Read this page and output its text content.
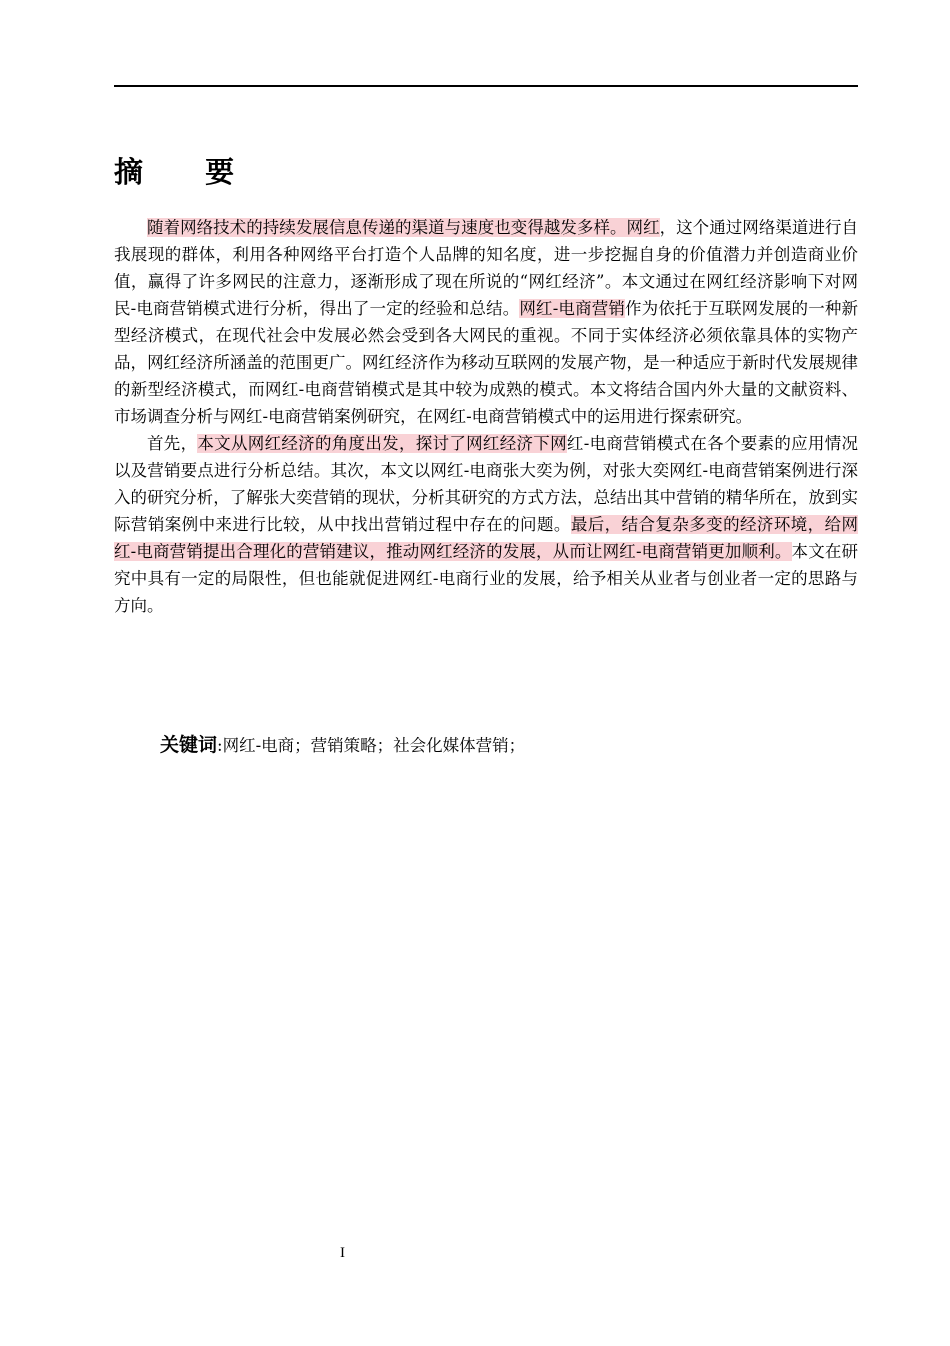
摘 要

随着网络技术的持续发展信息传递的渠道与速度也变得越发多样。网红，这个通过网络渠道进行自我展现的群体，利用各种网络平台打造个人品牌的知名度，进一步挖掘自身的价值潜力并创造商业价值，赢得了许多网民的注意力，逐渐形成了现在所说的“网红经济”。本文通过在网红经济影响下对网民-电商营销模式进行分析，得出了一定的经验和总结。网红-电商营销作为依托于互联网发展的一种新型经济模式，在现代社会中发展必然会受到各大网民的重视。不同于实体经济必须依靠具体的实物产品，网红经济所涵盖的范围更广。网红经济作为移动互联网的发展产物，是一种适应于新时代发展规律的新型经济模式，而网红-电商营销模式是其中较为成熟的模式。本文将结合国内外大量的文献资料、市场调查分析与网红-电商营销案例研究，在网红-电商营销模式中的运用进行探索研究。

首先，本文从网红经济的角度出发，探讨了网红经济下网红-电商营销模式在各个要素的应用情况以及营销要点进行分析总结。其次，本文以网红-电商张大奕为例，对张大奕网红-电商营销案例进行深入的研究分析，了解张大奕营销的现状，分析其研究的方式方法，总结出其中营销的精华所在，放到实际营销案例中来进行比较，从中找出营销过程中存在的问题。最后，结合复杂多变的经济环境，给网红-电商营销提出合理化的营销建议，推动网红经济的发展，从而让网红-电商营销更加顺利。本文在研究中具有一定的局限性，但也能就促进网红-电商行业的发展，给予相关从业者与创业者一定的思路与方向。

关键词:网红-电商；营销策略；社会化媒体营销；
I
